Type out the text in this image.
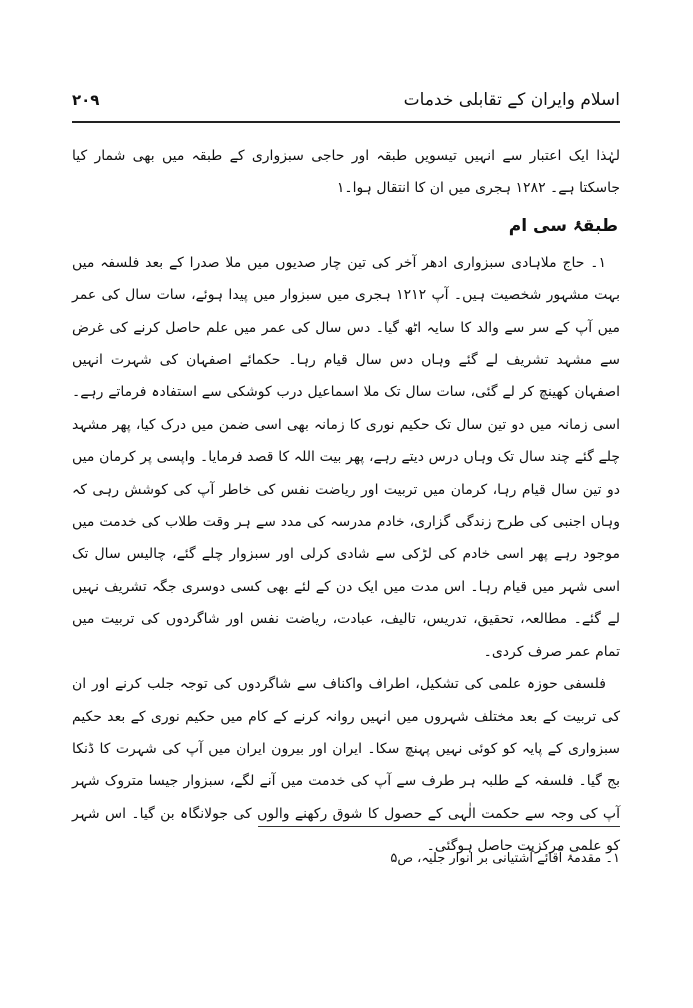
اسلام وایران کے تقابلی خدمات
۲۰۹

لہٰذا ایک اعتبار سے انہیں تیسویں طبقہ اور حاجی سبزواری کے طبقہ میں بھی شمار کیا جاسکتا ہے۔ ۱۲۸۲ ہجری میں ان کا انتقال ہوا۔۱

طبقۂ سی ام

۱۔ حاج ملاہادی سبزواری ادھر آخر کی تین چار صدیوں میں ملا صدرا کے بعد فلسفہ میں بہت مشہور شخصیت ہیں۔ آپ ۱۲۱۲ ہجری میں سبزوار میں پیدا ہوئے، سات سال کی عمر میں آپ کے سر سے والد کا سایہ اٹھ گیا۔ دس سال کی عمر میں علم حاصل کرنے کی غرض سے مشہد تشریف لے گئے وہاں دس سال قیام رہا۔ حکمائے اصفہان کی شہرت انہیں اصفہان کھینچ کر لے گئی، سات سال تک ملا اسماعیل درب کوشکی سے استفادہ فرماتے رہے۔ اسی زمانہ میں دو تین سال تک حکیم نوری کا زمانہ بھی اسی ضمن میں درک کیا، پھر مشہد چلے گئے چند سال تک وہاں درس دیتے رہے، پھر بیت اللہ کا قصد فرمایا۔ واپسی پر کرمان میں دو تین سال قیام رہا، کرمان میں تربیت اور ریاضت نفس کی خاطر آپ کی کوشش رہی کہ وہاں اجنبی کی طرح زندگی گزاری، خادم مدرسہ کی مدد سے ہر وقت طلاب کی خدمت میں موجود رہے پھر اسی خادم کی لڑکی سے شادی کرلی اور سبزوار چلے گئے، چالیس سال تک اسی شہر میں قیام رہا۔ اس مدت میں ایک دن کے لئے بھی کسی دوسری جگہ تشریف نہیں لے گئے۔ مطالعہ، تحقیق، تدریس، تالیف، عبادت، ریاضت نفس اور شاگردوں کی تربیت میں تمام عمر صرف کردی۔

فلسفی حوزہ علمی کی تشکیل، اطراف واکناف سے شاگردوں کی توجہ جلب کرنے اور ان کی تربیت کے بعد مختلف شہروں میں انہیں روانہ کرنے کے کام میں حکیم نوری کے بعد حکیم سبزواری کے پایہ کو کوئی نہیں پہنچ سکا۔ ایران اور بیرون ایران میں آپ کی شہرت کا ڈنکا بج گیا۔ فلسفہ کے طلبہ ہر طرف سے آپ کی خدمت میں آنے لگے، سبزوار جیسا متروک شہر آپ کی وجہ سے حکمت الٰہی کے حصول کا شوق رکھنے والوں کی جولانگاہ بن گیا۔ اس شہر کو علمی مرکزیت حاصل ہوگئی۔

۱۔ مقدمۂ آقائے آشتیانی بر انوار جلیہ، ص۵
